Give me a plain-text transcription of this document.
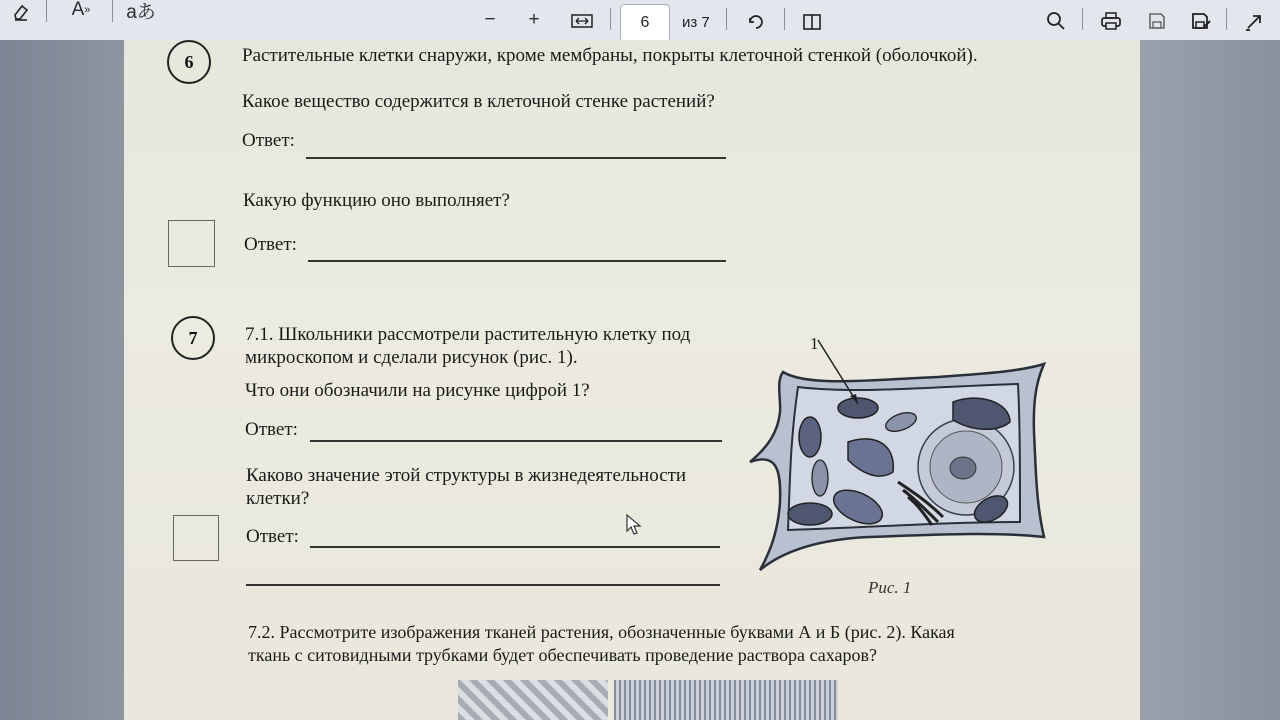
A » aあ	− +	6 из 7
6	Растительные клетки снаружи, кроме мембраны, покрыты клеточной стенкой (оболочкой).
Какое вещество содержится в клеточной стенке растений?
Ответ:
Какую функцию оно выполняет?
Ответ:
7	7.1. Школьники рассмотрели растительную клетку под
микроскопом и сделали рисунок (рис. 1).
Что они обозначили на рисунке цифрой 1?
Ответ:
Каково значение этой структуры в жизнедеятельности
клетки?
Ответ:
1
Рис. 1
7.2. Рассмотрите изображения тканей растения, обозначенные буквами А и Б (рис. 2). Какая
ткань с ситовидными трубками будет обеспечивать проведение раствора сахаров?
